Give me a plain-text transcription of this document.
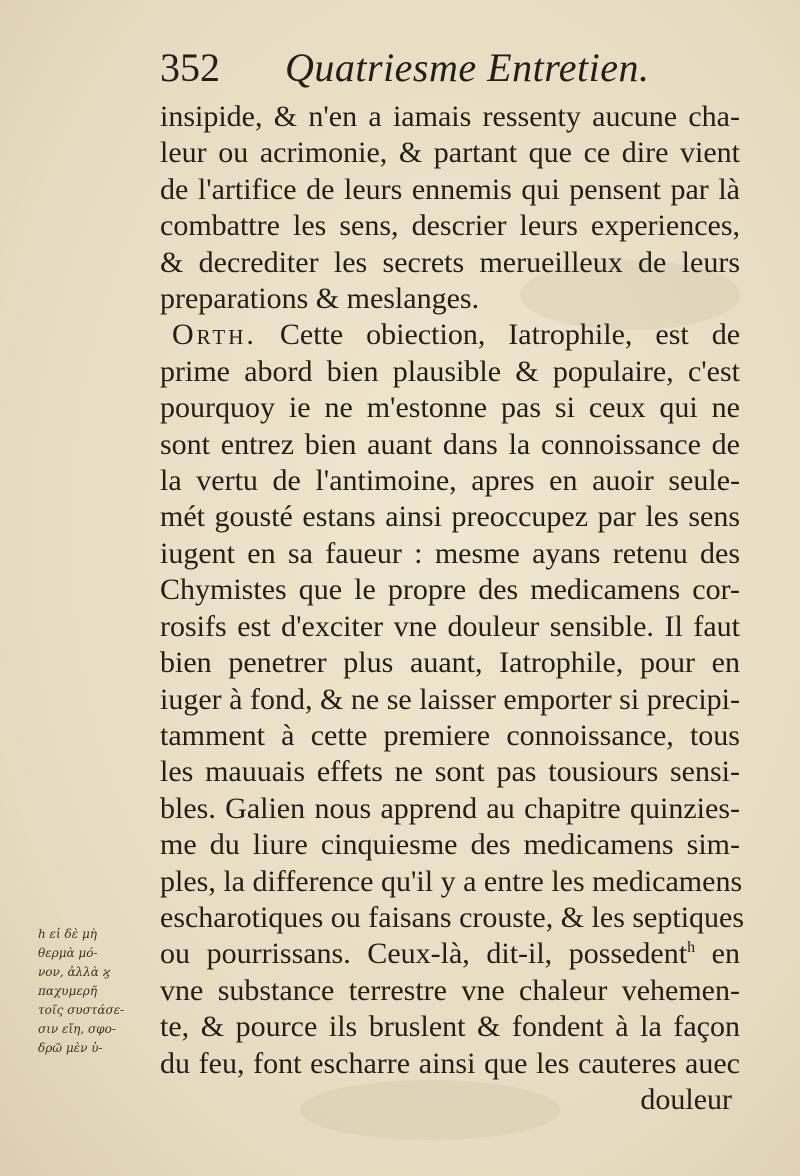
352 Quatriesme Entretien.
insipide, & n'en a iamais ressenty aucune cha-
leur ou acrimonie, & partant que ce dire vient
de l'artifice de leurs ennemis qui pensent par là
combattre les sens, descrier leurs experiences,
& decrediter les secrets merueilleux de leurs
preparations & meslanges.
Orth. Cette obiection, Iatrophile, est de
prime abord bien plausible & populaire, c'est
pourquoy ie ne m'estonne pas si ceux qui ne
sont entrez bien auant dans la connoissance de
la vertu de l'antimoine, apres en auoir seule-
mét gousté estans ainsi preoccupez par les sens
iugent en sa faueur : mesme ayans retenu des
Chymistes que le propre des medicamens cor-
rosifs est d'exciter vne douleur sensible. Il faut
bien penetrer plus auant, Iatrophile, pour en
iuger à fond, & ne se laisser emporter si precipi-
tamment à cette premiere connoissance, tous
les mauuais effets ne sont pas tousiours sensi-
bles. Galien nous apprend au chapitre quinzies-
me du liure cinquiesme des medicamens sim-
ples, la difference qu'il y a entre les medicamens
escharotiques ou faisans crouste, & les septiques
ou pourrissans. Ceux-là, dit-il, possedent$^h$ en
vne substance terrestre vne chaleur vehemen-
te, & pource ils bruslent & fondent à la façon
du feu, font escharre ainsi que les cauteres auec
douleur
h εἰ δὲ μὴ
θερμὰ μό-
νον, ἀλλὰ ϗ
παχυμερῆ
τοῖς συστάσε-
σιν εἴη, σφο-
δρῶ μὲν ὑ-
